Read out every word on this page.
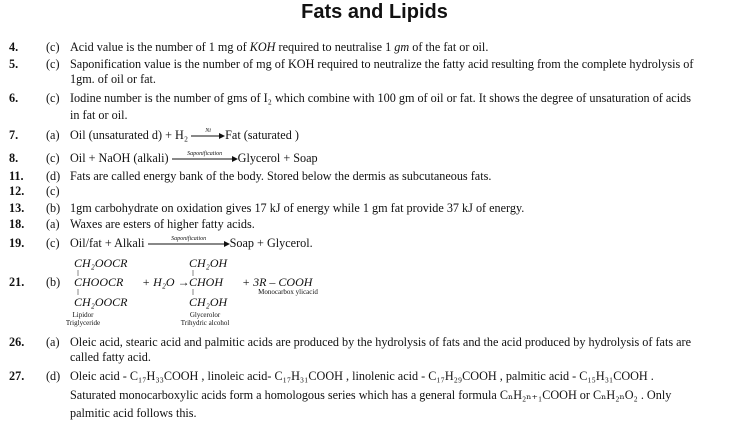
Fats and Lipids
4. (c) Acid value is the number of 1 mg of KOH required to neutralise 1 gm of the fat or oil.
5. (c) Saponification value is the number of mg of KOH required to neutralize the fatty acid resulting from the complete hydrolysis of
1gm. of oil or fat.
6. (c) Iodine number is the number of gms of I₂ which combine with 100 gm of oil or fat. It shows the degree of unsaturation of acids
in fat or oil.
7. (a) Oil (unsaturated d) + H₂	Ni	Fat (saturated )
8. (c) Oil + NaOH (alkali)	Saponification	Glycerol + Soap
11. (d) Fats are called energy bank of the body. Stored below the dermis as subcutaneous fats.
12. (c)
13. (b) 1gm carbohydrate on oxidation gives 17 kJ of energy while 1 gm fat provide 37 kJ of energy.
18. (a) Waxes are esters of higher fatty acids.
19. (c) Oil/fat + Alkali	Saponification	Soap + Glycerol.
21. (b)
CH₂OOCR
CHOOCR
CH₂OOCR
+ H₂O →
CH₂OH
CHOH
CH₂OH
+ 3R – COOH
Monocarbox ylicacid
Lipidor
Triglyceride
Glycerolor
Trihydric alcohol
26. (a) Oleic acid, stearic acid and palmitic acids are produced by the hydrolysis of fats and the acid produced by hydrolysis of fats are called fatty acid.
27. (d) Oleic acid - C₁₇H₃₃COOH , linoleic acid- C₁₇H₃₁COOH , linolenic acid - C₁₇H₂₉COOH , palmitic acid - C₁₅H₃₁COOH .
Saturated monocarboxylic acids form a homologous series which has a general formula CₙH₂ₙ₊₁COOH or CₙH₂ₙO₂ . Only
palmitic acid follows this.
